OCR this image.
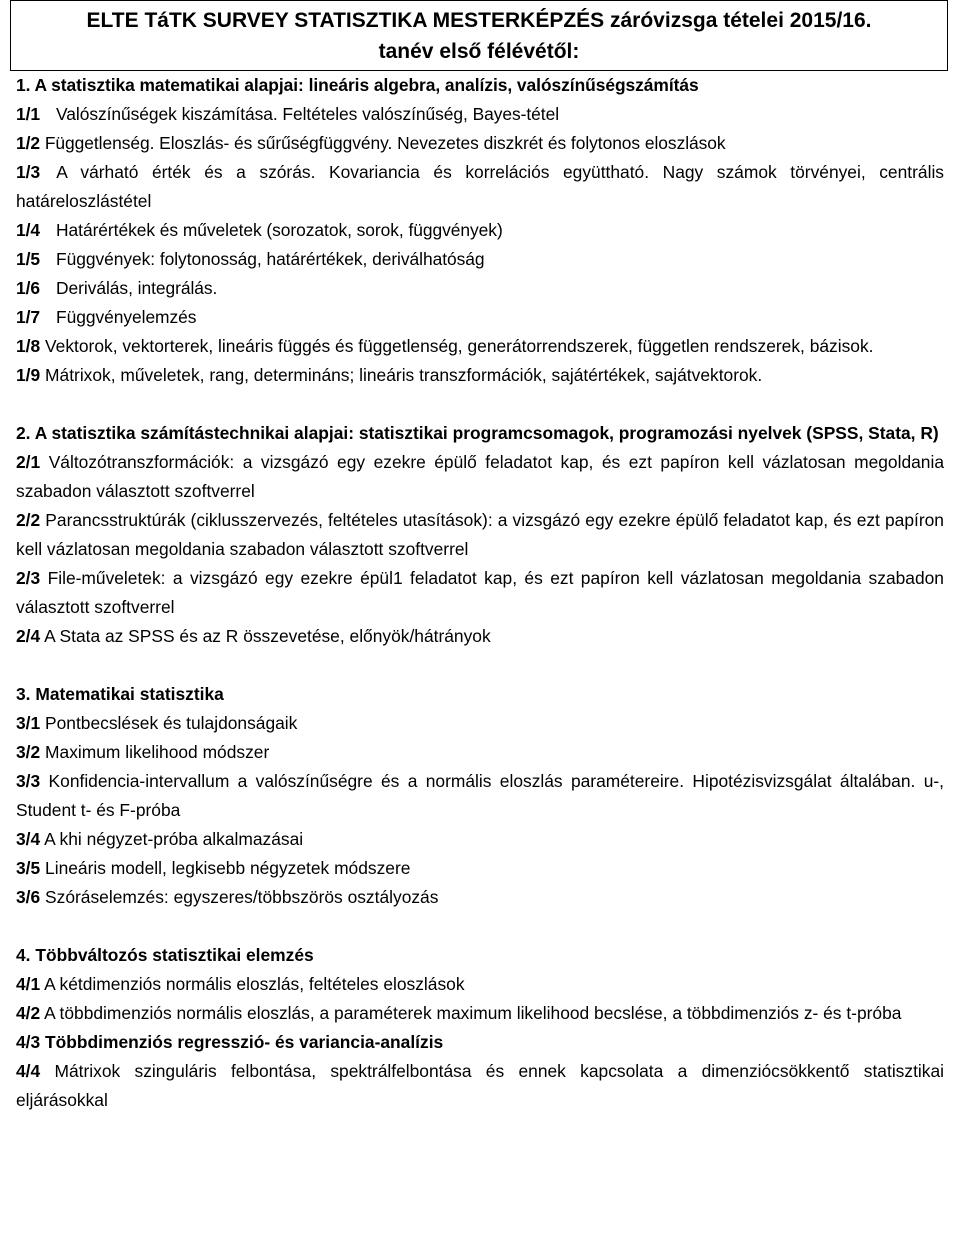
ELTE TáTK SURVEY STATISZTIKA MESTERKÉPZÉS záróvizsga tételei 2015/16.
tanév első félévétől:
1. A statisztika matematikai alapjai: lineáris algebra, analízis, valószínűségszámítás
1/1 Valószínűségek kiszámítása. Feltételes valószínűség, Bayes-tétel
1/2 Függetlenség. Eloszlás- és sűrűségfüggvény. Nevezetes diszkrét és folytonos eloszlások
1/3 A várható érték és a szórás. Kovariancia és korrelációs együttható. Nagy számok törvényei, centrális határeloszlástétel
1/4 Határértékek és műveletek (sorozatok, sorok, függvények)
1/5 Függvények: folytonosság, határértékek, deriválhatóság
1/6 Deriválás, integrálás.
1/7 Függvényelemzés
1/8 Vektorok, vektorterek, lineáris függés és függetlenség, generátorrendszerek, független rendszerek, bázisok.
1/9 Mátrixok, műveletek, rang, determináns; lineáris transzformációk, sajátértékek, sajátvektorok.
2. A statisztika számítástechnikai alapjai: statisztikai programcsomagok, programozási nyelvek (SPSS, Stata, R)
2/1 Változótranszformációk: a vizsgázó egy ezekre épülő feladatot kap, és ezt papíron kell vázlatosan megoldania szabadon választott szoftverrel
2/2 Parancsstruktúrák (ciklusszervezés, feltételes utasítások): a vizsgázó egy ezekre épülő feladatot kap, és ezt papíron kell vázlatosan megoldania szabadon választott szoftverrel
2/3 File-műveletek: a vizsgázó egy ezekre épül1 feladatot kap, és ezt papíron kell vázlatosan megoldania szabadon választott szoftverrel
2/4 A Stata az SPSS és az R összevetése, előnyök/hátrányok
3. Matematikai statisztika
3/1 Pontbecslések és tulajdonságaik
3/2 Maximum likelihood módszer
3/3 Konfidencia-intervallum a valószínűségre és a normális eloszlás paramétereire. Hipotézisvizsgálat általában. u-, Student t- és F-próba
3/4 A khi négyzet-próba alkalmazásai
3/5 Lineáris modell, legkisebb négyzetek módszere
3/6 Szóráselemzés: egyszeres/többszörös osztályozás
4. Többváltozós statisztikai elemzés
4/1 A kétdimenziós normális eloszlás, feltételes eloszlások
4/2 A többdimenziós normális eloszlás, a paraméterek maximum likelihood becslése, a többdimenziós z- és t-próba
4/3 Többdimenziós regresszió- és variancia-analízis
4/4 Mátrixok szinguláris felbontása, spektrálfelbontása és ennek kapcsolata a dimenziócsökkentő statisztikai eljárásokkal
